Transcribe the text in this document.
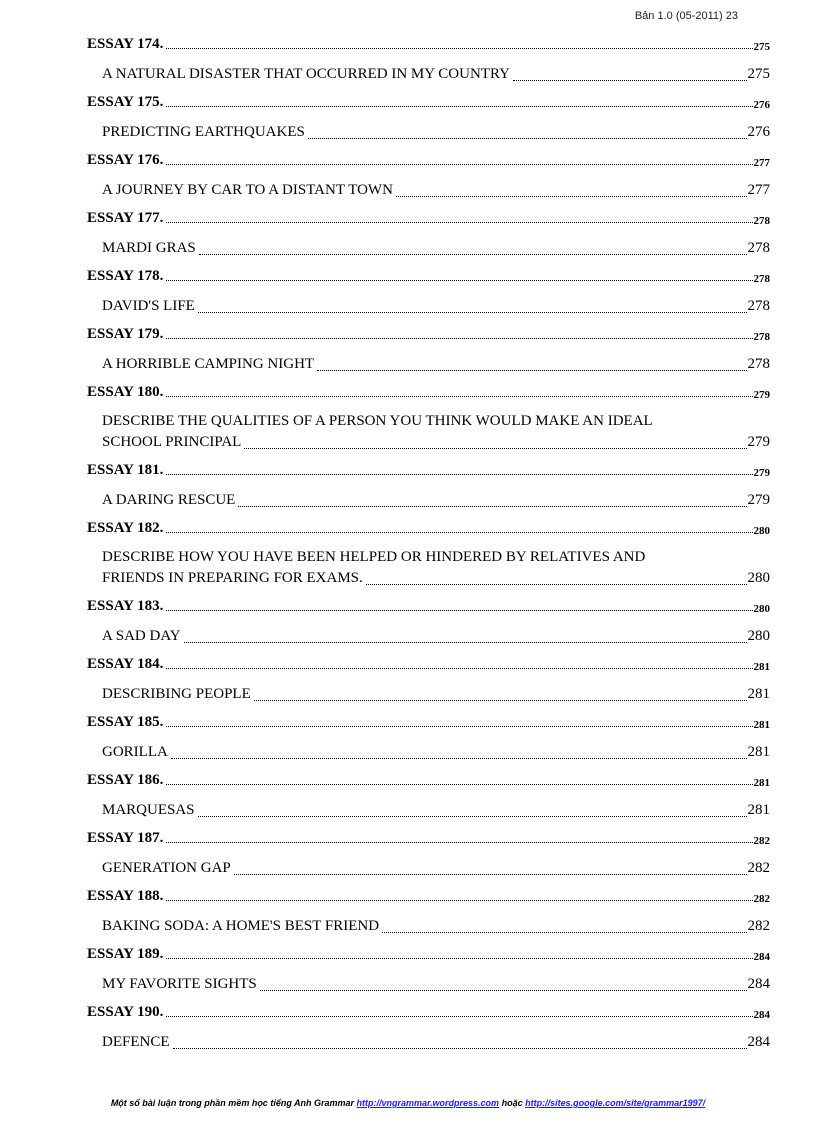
Bản 1.0 (05-2011) 23
ESSAY 174.	275
A NATURAL DISASTER THAT OCCURRED IN MY COUNTRY	275
ESSAY 175.	276
PREDICTING EARTHQUAKES	276
ESSAY 176.	277
A JOURNEY BY CAR TO A DISTANT TOWN	277
ESSAY 177.	278
MARDI GRAS	278
ESSAY 178.	278
DAVID'S LIFE	278
ESSAY 179.	278
A HORRIBLE CAMPING NIGHT	278
ESSAY 180.	279
DESCRIBE THE QUALITIES OF A PERSON YOU THINK WOULD MAKE AN IDEAL
SCHOOL PRINCIPAL	279
ESSAY 181.	279
A DARING RESCUE	279
ESSAY 182.	280
DESCRIBE HOW YOU HAVE BEEN HELPED OR HINDERED BY RELATIVES AND
FRIENDS IN PREPARING FOR EXAMS.	280
ESSAY 183.	280
A SAD DAY	280
ESSAY 184.	281
DESCRIBING PEOPLE	281
ESSAY 185.	281
GORILLA	281
ESSAY 186.	281
MARQUESAS	281
ESSAY 187.	282
GENERATION GAP	282
ESSAY 188.	282
BAKING SODA: A HOME'S BEST FRIEND	282
ESSAY 189.	284
MY FAVORITE SIGHTS	284
ESSAY 190.	284
DEFENCE	284
Một số bài luận trong phần mềm học tiếng Anh Grammar http://vngrammar.wordpress.com hoặc http://sites.google.com/site/grammar1997/
